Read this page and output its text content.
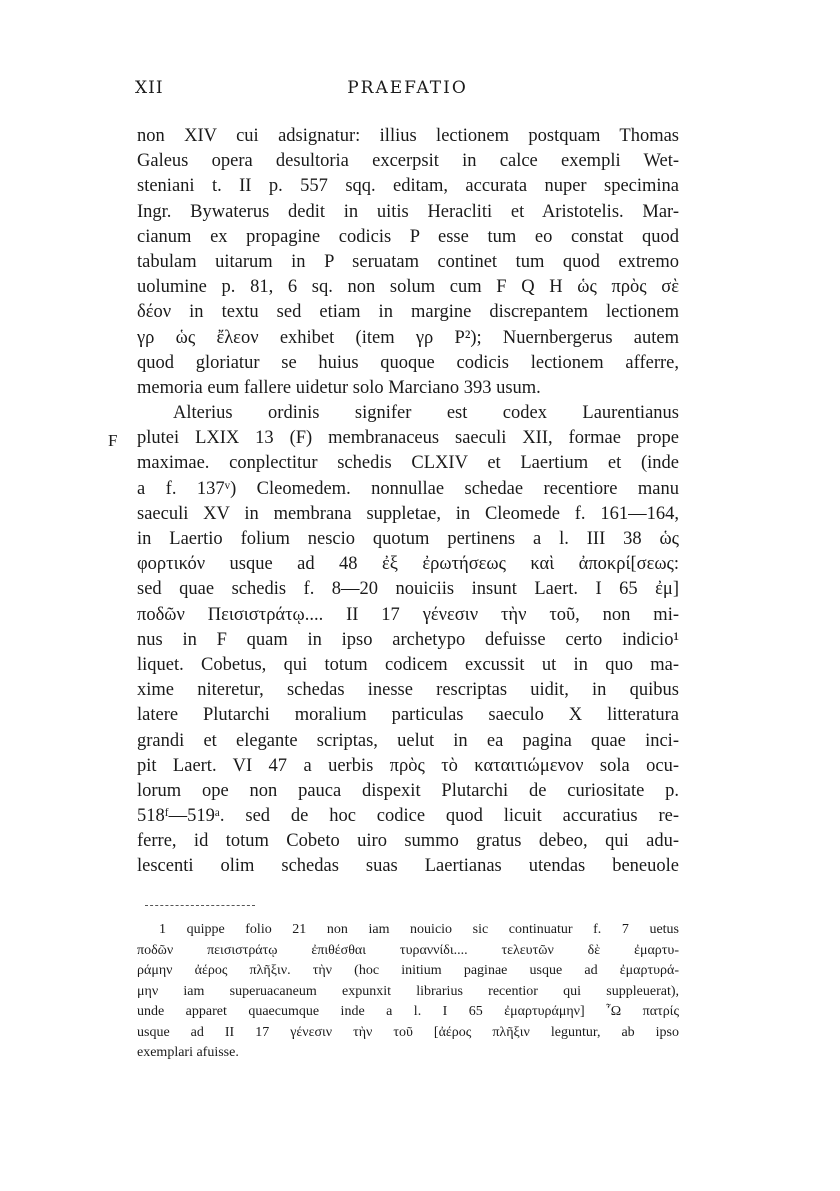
XII	PRAEFATIO
F
non XIV cui adsignatur: illius lectionem postquam Thomas
Galeus opera desultoria excerpsit in calce exempli Wet-
steniani t. II p. 557 sqq. editam, accurata nuper specimina
Ingr. Bywaterus dedit in uitis Heracliti et Aristotelis. Mar-
cianum ex propagine codicis P esse tum eo constat quod
tabulam uitarum in P seruatam continet tum quod extremo
uolumine p. 81, 6 sq. non solum cum F Q H ὡς πρὸς σὲ
δέον in textu sed etiam in margine discrepantem lectionem
γρ ὡς ἔλεον exhibet (item γρ P²); Nuernbergerus autem
quod gloriatur se huius quoque codicis lectionem afferre,
memoria eum fallere uidetur solo Marciano 393 usum.
Alterius ordinis signifer est codex Laurentianus
plutei LXIX 13 (F) membranaceus saeculi XII, formae prope
maximae. conplectitur schedis CLXIV et Laertium et (inde
a f. 137ᵛ) Cleomedem. nonnullae schedae recentiore manu
saeculi XV in membrana suppletae, in Cleomede f. 161—164,
in Laertio folium nescio quotum pertinens a l. III 38 ὡς
φορτικόν usque ad 48 ἐξ ἐρωτήσεως καὶ ἀποκρί[σεως:
sed quae schedis f. 8—20 nouiciis insunt Laert. I 65 ἐμ]
ποδῶν Πεισιστράτῳ.... II 17 γένεσιν τὴν τοῦ, non mi-
nus in F quam in ipso archetypo defuisse certo indicio¹
liquet. Cobetus, qui totum codicem excussit ut in quo ma-
xime niteretur, schedas inesse rescriptas uidit, in quibus
latere Plutarchi moralium particulas saeculo X litteratura
grandi et elegante scriptas, uelut in ea pagina quae inci-
pit Laert. VI 47 a uerbis πρὸς τὸ καταιτιώμενον sola ocu-
lorum ope non pauca dispexit Plutarchi de curiositate p.
518ᶠ—519ᵃ. sed de hoc codice quod licuit accuratius re-
ferre, id totum Cobeto uiro summo gratus debeo, qui adu-
lescenti olim schedas suas Laertianas utendas beneuole
1 quippe folio 21 non iam nouicio sic continuatur f. 7 uetus
ποδῶν πεισιστράτῳ ἐπιθέσθαι τυραννίδι.... τελευτῶν δὲ ἐμαρτυ-
ράμην ἀέρος πλῆξιν. τὴν (hoc initium paginae usque ad ἐμαρτυρά-
μην iam superuacaneum expunxit librarius recentior qui suppleuerat),
unde apparet quaecumque inde a l. I 65 ἐμαρτυράμην] ῏Ω πατρίς
usque ad II 17 γένεσιν τὴν τοῦ [ἀέρος πλῆξιν leguntur, ab ipso
exemplari afuisse.
